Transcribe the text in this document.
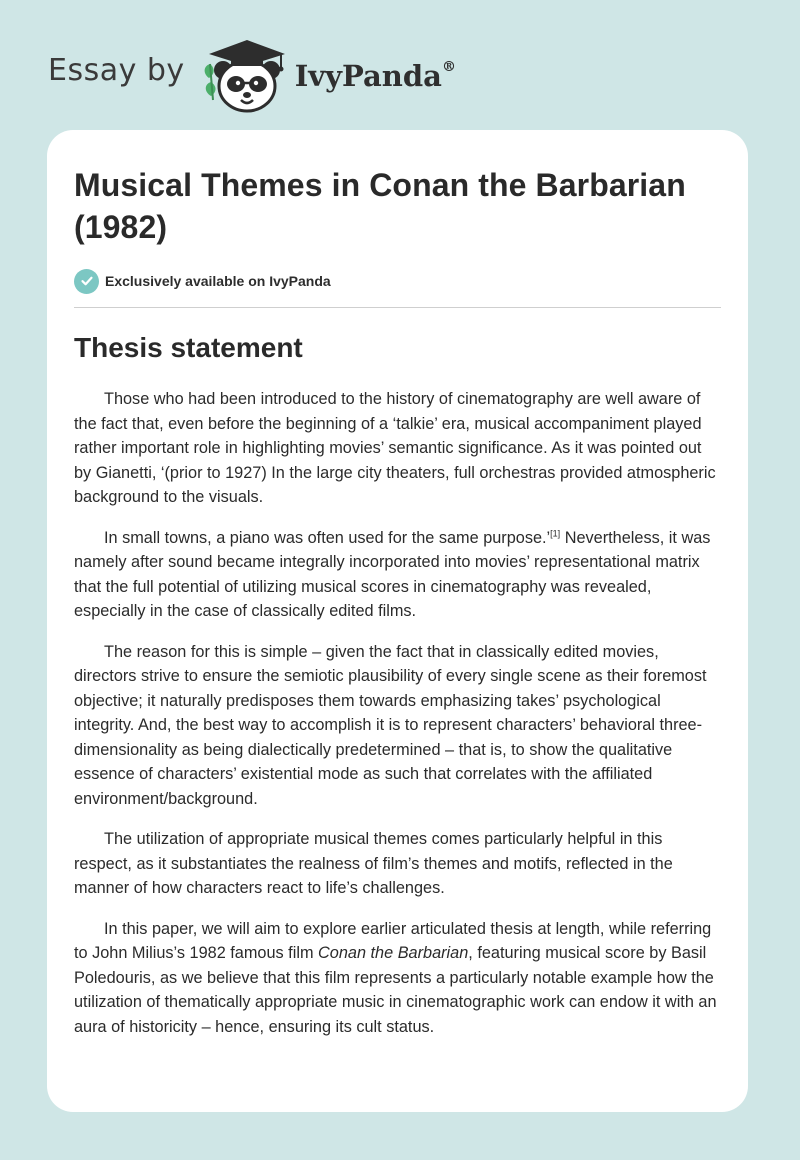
Essay by	IvyPanda®
Musical Themes in Conan the Barbarian (1982)
Exclusively available on IvyPanda
Thesis statement

Those who had been introduced to the history of cinematography are well aware of the fact that, even before the beginning of a ‘talkie’ era, musical accompaniment played rather important role in highlighting movies’ semantic significance. As it was pointed out by Gianetti, ‘(prior to 1927) In the large city theaters, full orchestras provided atmospheric background to the visuals.

In small towns, a piano was often used for the same purpose.’[1] Nevertheless, it was namely after sound became integrally incorporated into movies’ representational matrix that the full potential of utilizing musical scores in cinematography was revealed, especially in the case of classically edited films.

The reason for this is simple – given the fact that in classically edited movies, directors strive to ensure the semiotic plausibility of every single scene as their foremost objective; it naturally predisposes them towards emphasizing takes’ psychological integrity. And, the best way to accomplish it is to represent characters’ behavioral three-dimensionality as being dialectically predetermined – that is, to show the qualitative essence of characters’ existential mode as such that correlates with the affiliated environment/background.

The utilization of appropriate musical themes comes particularly helpful in this respect, as it substantiates the realness of film’s themes and motifs, reflected in the manner of how characters react to life’s challenges.

In this paper, we will aim to explore earlier articulated thesis at length, while referring to John Milius’s 1982 famous film Conan the Barbarian, featuring musical score by Basil Poledouris, as we believe that this film represents a particularly notable example how the utilization of thematically appropriate music in cinematographic work can endow it with an aura of historicity – hence, ensuring its cult status.
